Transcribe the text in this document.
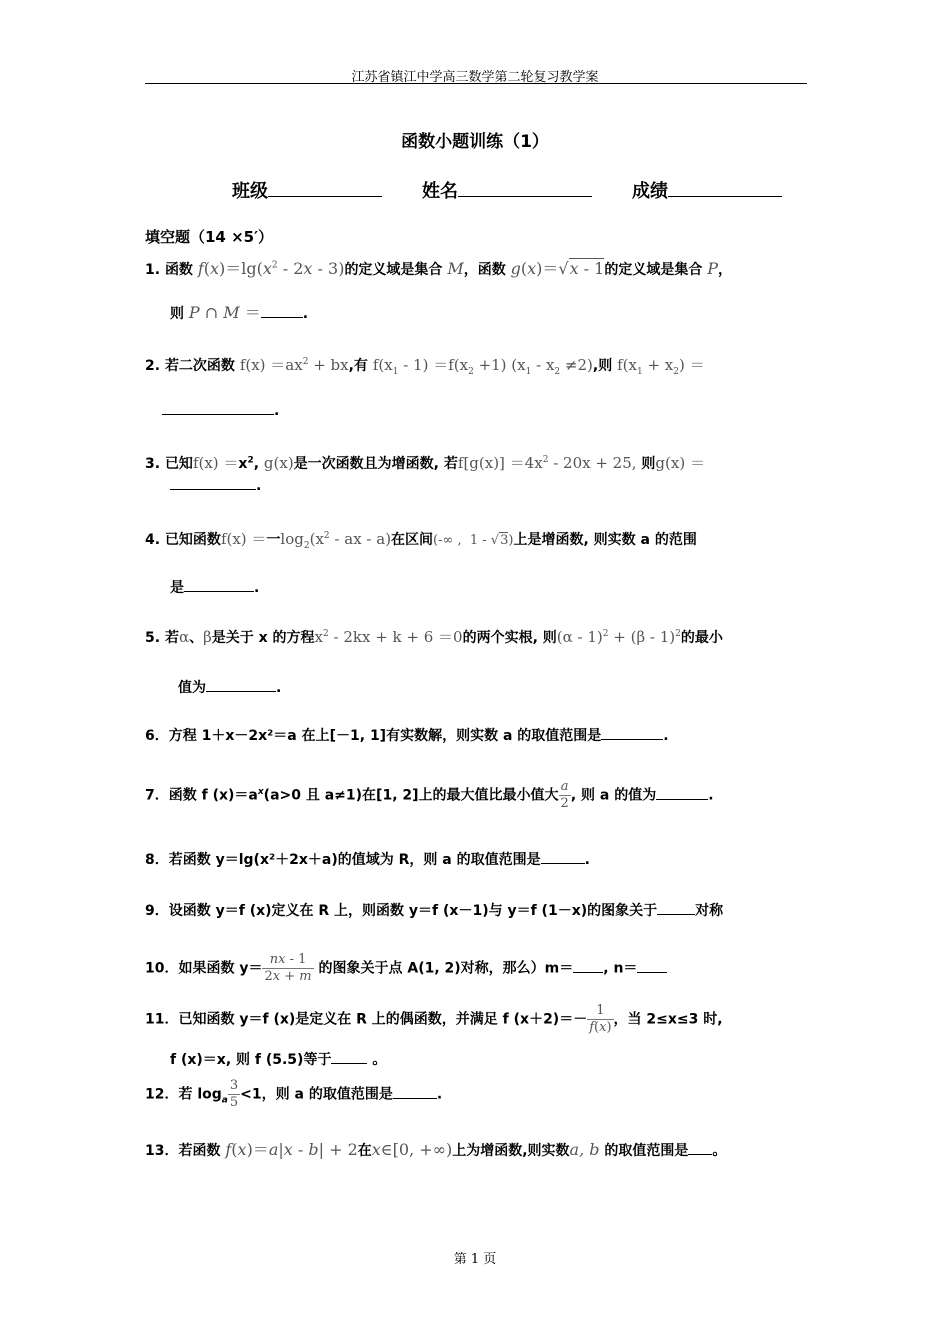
江苏省镇江中学高三数学第二轮复习教学案
函数小题训练（1）
班级	姓名	成绩
填空题（14 ×5′）
1. 函数 $f(x)=\lg(x^2 - 2x - 3)$的定义域是集合 M，函数 g(x)＝√x - 1的定义域是集合 P，
则 P ∩ M ＝	.
2. 若二次函数 $f(x) =ax^2$ + bx,有 $f(x_1 - 1) =f(x_2 +1)$ $(x_1 - x_2 \ne 2)$,则 $f(x_1 + x_2)$ ＝
.
3. 已知$f(x) =x^2$, g(x)是一次函数且为增函数, 若$f[g(x)] =4x^2 - 20x + 25$, 则g(x) ＝
.
4. 已知函数f(x) ＝一$\log_2(x^2$ - ax - a)在区间(-∞ ,  1 - √3)上是增函数, 则实数 a 的范围
是	.
5. 若α、β是关于 x 的方程$x^2 - 2kx + k + 6 =0$的两个实根, 则(α - 1)$^2$ + (β - 1)$^2$的最小
值为	.
6．方程 1＋x－2x²＝a 在上[－1, 1]有实数解，则实数 a 的取值范围是	.
7．函数 f $(x)=a^x(a>0$ 且 a≠1)在[1, 2]上的最大值比最小值大 $\frac{a}{2}$ , 则 a 的值为	.
8．若函数 y＝lg(x²＋2x＋a)的值域为 R，则 a 的取值范围是	.
9．设函数 y＝f (x)定义在 R 上，则函数 y＝f (x－1)与 y＝f (1－x)的图象关于	对称
10．如果函数 $y= \frac{nx - 1}{2x + m}$ 的图象关于点 A(1, 2)对称，那么）m＝ , n＝
11．已知函数 y＝f (x)是定义在 R 上的偶函数，并满足 f $(x+2)=- \frac{1}{f(x)}$ ，当 2≤x≤3 时,
f (x)＝x, 则 f (5.5)等于	。
12．若 $\log_a \frac{3}{5} <1$，则 a 的取值范围是	.
13．若函数 f(x)＝a|x - b| + 2在x∈[0, +∞)上为增函数,则实数a, b 的取值范围是 。
第 1 页
